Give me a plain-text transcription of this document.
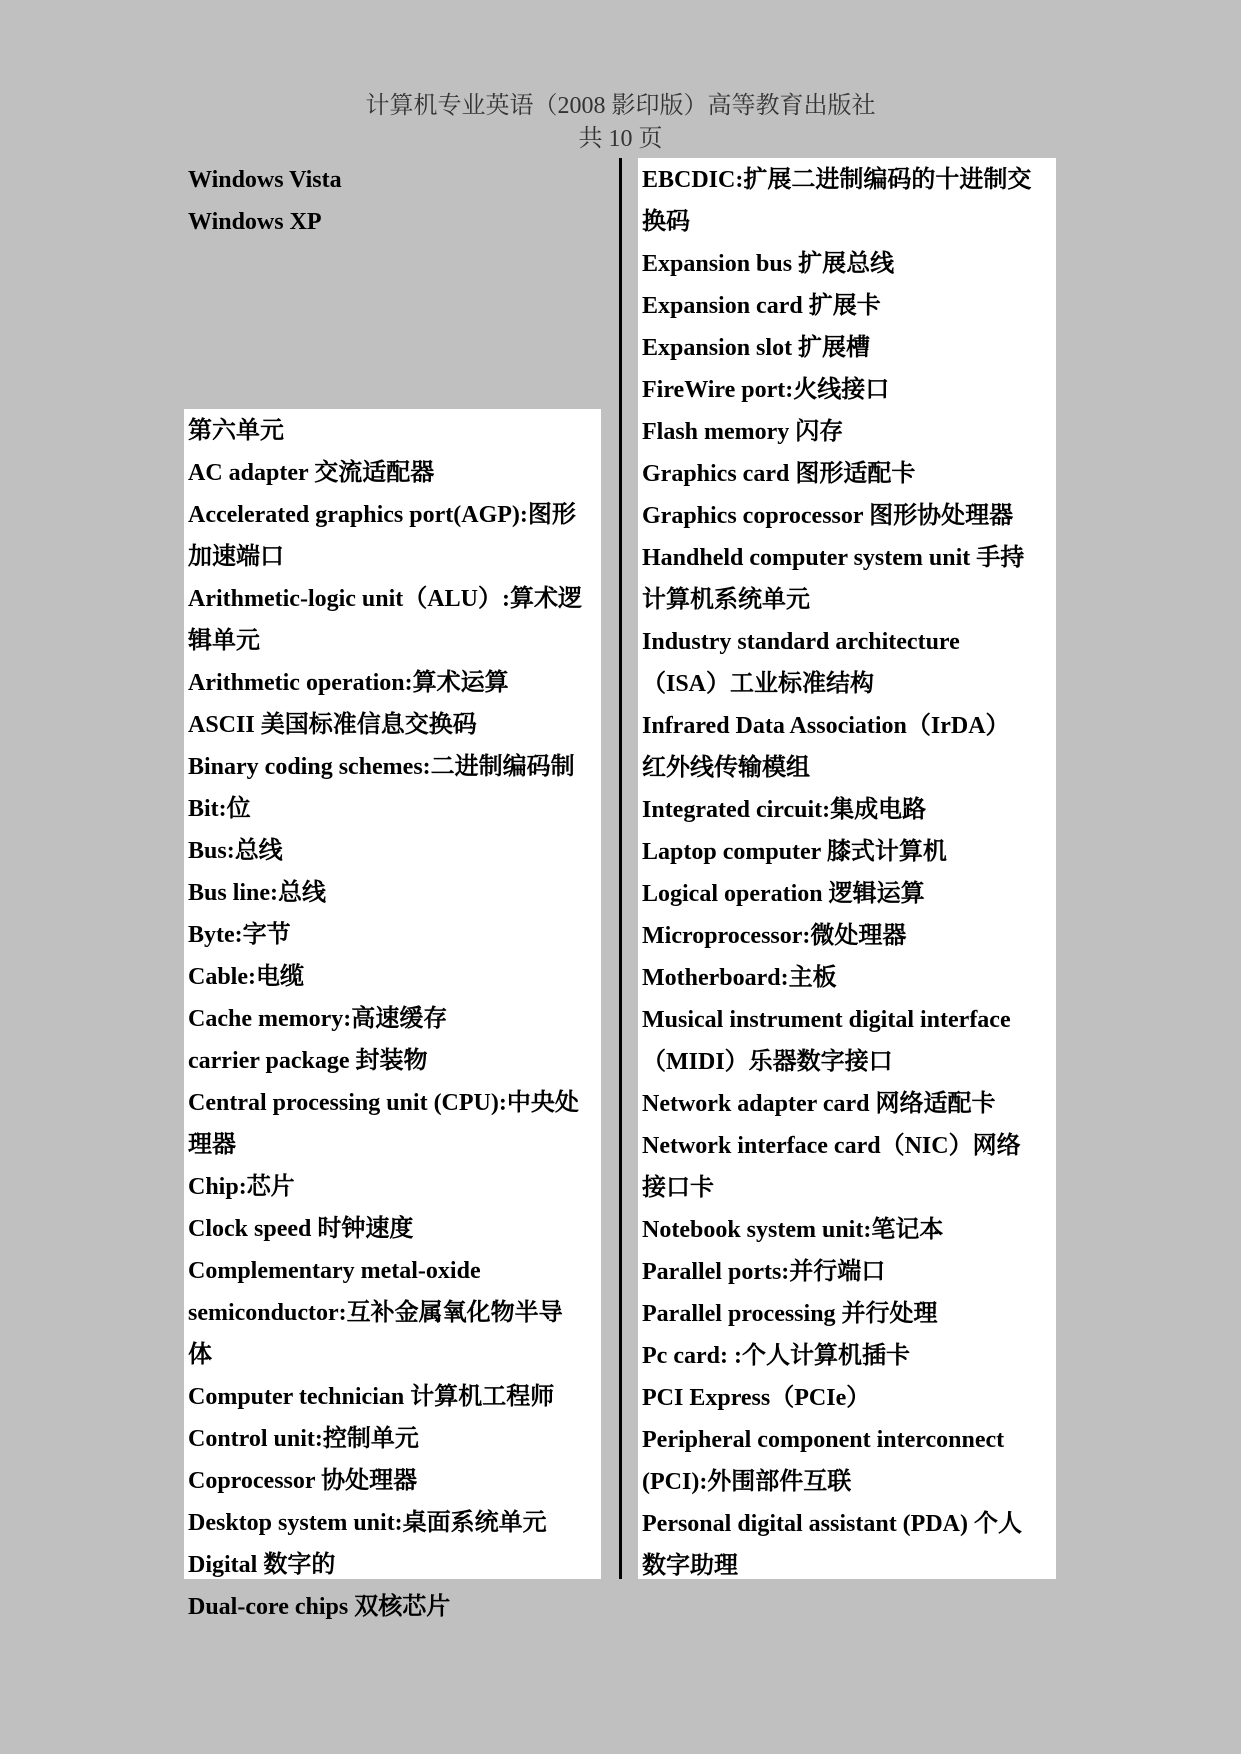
计算机专业英语（2008 影印版）高等教育出版社
共 10 页
Windows Vista
Windows XP
第六单元
AC adapter 交流适配器
Accelerated graphics port(AGP):图形
加速端口
Arithmetic-logic unit（ALU）:算术逻
辑单元
Arithmetic operation:算术运算
ASCII 美国标准信息交换码
Binary coding schemes:二进制编码制
Bit:位
Bus:总线
Bus line:总线
Byte:字节
Cable:电缆
Cache memory:高速缓存
carrier package 封装物
Central processing unit (CPU):中央处
理器
Chip:芯片
Clock speed 时钟速度
Complementary metal-oxide
semiconductor:互补金属氧化物半导
体
Computer technician 计算机工程师
Control unit:控制单元
Coprocessor 协处理器
Desktop system unit:桌面系统单元
Digital 数字的
Dual-core chips 双核芯片
EBCDIC:扩展二进制编码的十进制交
换码
Expansion bus 扩展总线
Expansion card 扩展卡
Expansion slot 扩展槽
FireWire port:火线接口
Flash memory 闪存
Graphics card 图形适配卡
Graphics coprocessor 图形协处理器
Handheld computer system unit 手持
计算机系统单元
Industry standard architecture
（ISA）工业标准结构
Infrared Data Association（IrDA）
红外线传输模组
Integrated circuit:集成电路
Laptop computer 膝式计算机
Logical operation 逻辑运算
Microprocessor:微处理器
Motherboard:主板
Musical instrument digital interface
（MIDI）乐器数字接口
Network adapter card 网络适配卡
Network interface card（NIC）网络
接口卡
Notebook system unit:笔记本
Parallel ports:并行端口
Parallel processing 并行处理
Pc card: :个人计算机插卡
PCI Express（PCIe）
Peripheral component interconnect
(PCI):外围部件互联
Personal digital assistant (PDA) 个人
数字助理
